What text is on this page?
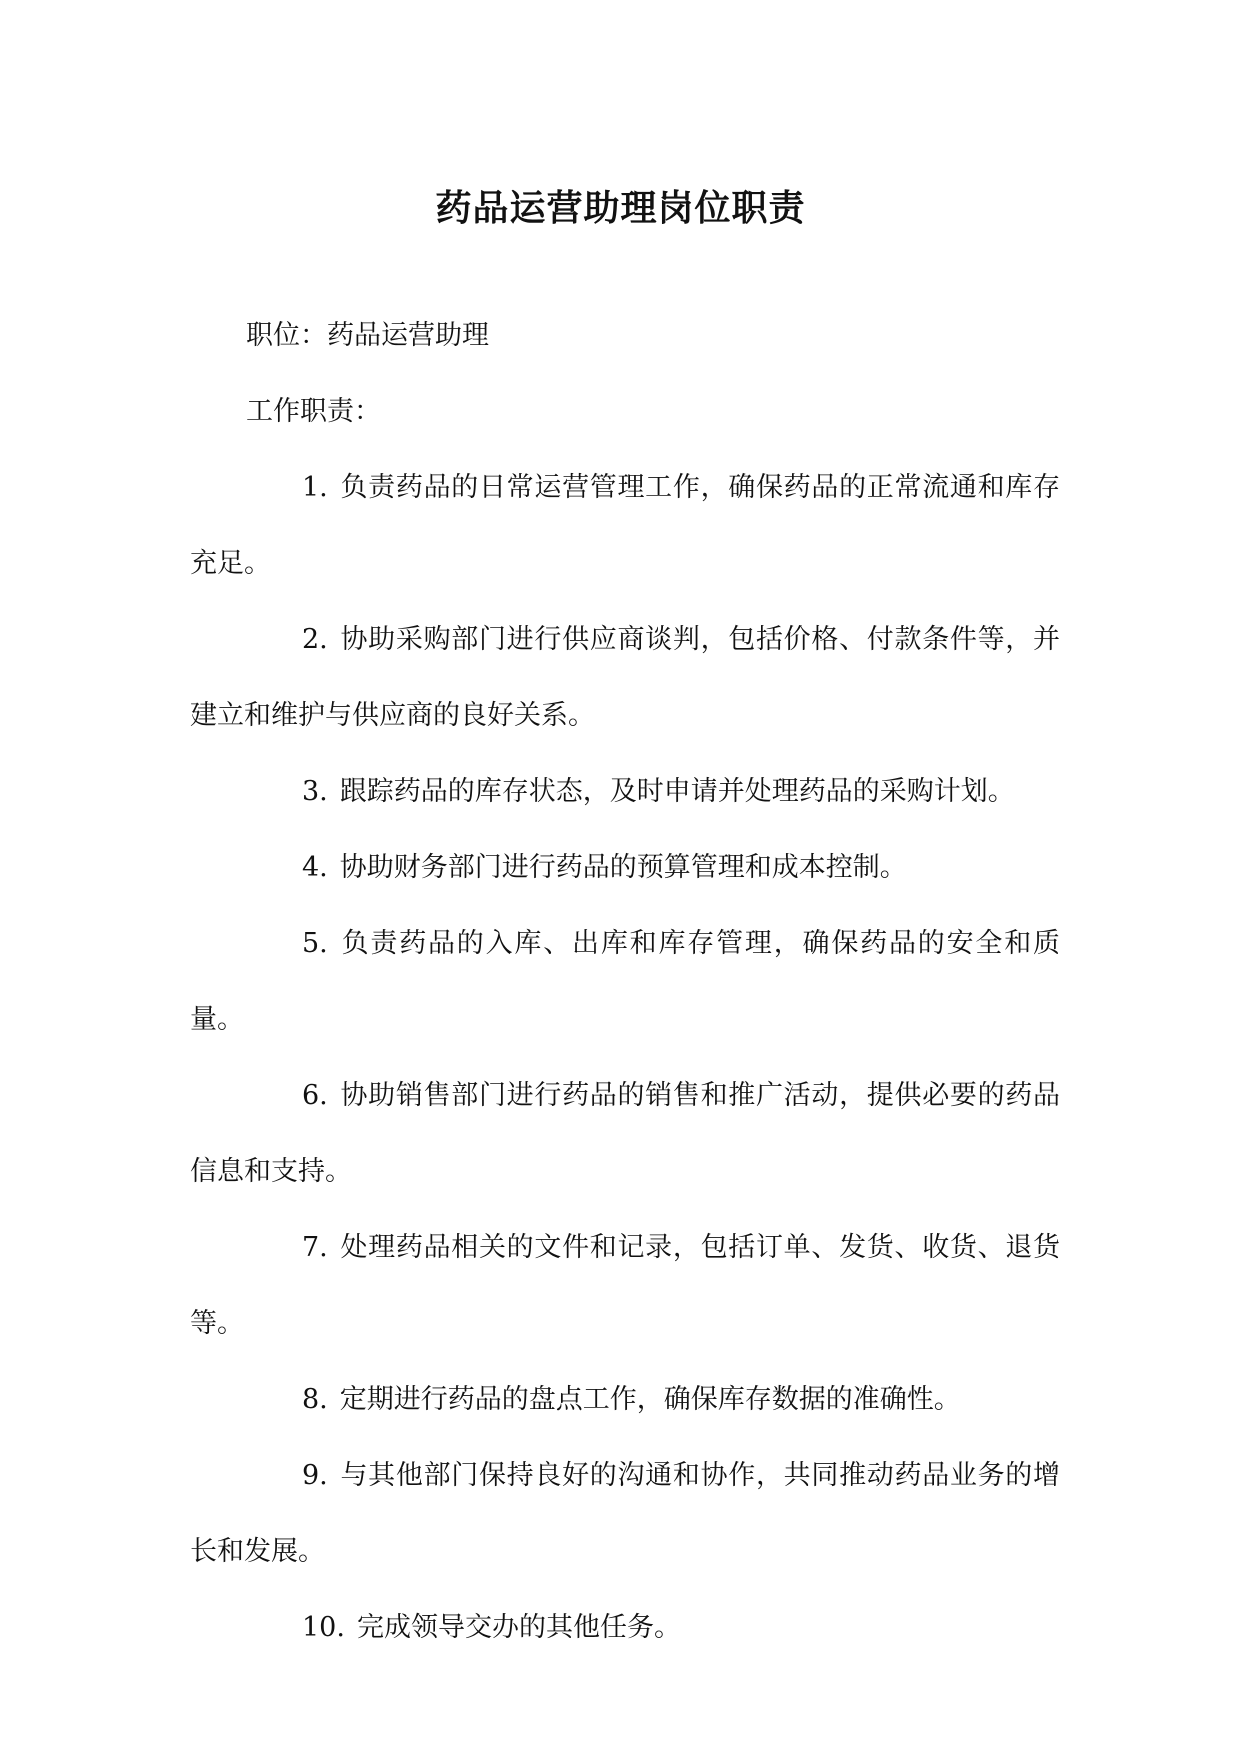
药品运营助理岗位职责

职位：药品运营助理

工作职责：

1. 负责药品的日常运营管理工作，确保药品的正常流通和库存充足。

2. 协助采购部门进行供应商谈判，包括价格、付款条件等，并建立和维护与供应商的良好关系。

3. 跟踪药品的库存状态，及时申请并处理药品的采购计划。

4. 协助财务部门进行药品的预算管理和成本控制。

5. 负责药品的入库、出库和库存管理，确保药品的安全和质量。

6. 协助销售部门进行药品的销售和推广活动，提供必要的药品信息和支持。

7. 处理药品相关的文件和记录，包括订单、发货、收货、退货等。

8. 定期进行药品的盘点工作，确保库存数据的准确性。

9. 与其他部门保持良好的沟通和协作，共同推动药品业务的增长和发展。

10. 完成领导交办的其他任务。
